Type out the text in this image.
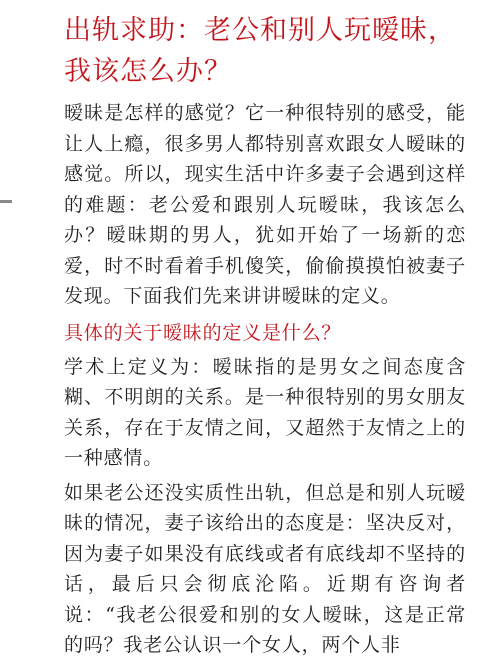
出轨求助：老公和别人玩暧昧，我该怎么办？

暧昧是怎样的感觉？它一种很特别的感受，能让人上瘾，很多男人都特别喜欢跟女人暧昧的感觉。所以，现实生活中许多妻子会遇到这样的难题：老公爱和跟别人玩暧昧，我该怎么办？暧昧期的男人，犹如开始了一场新的恋爱，时不时看着手机傻笑，偷偷摸摸怕被妻子发现。下面我们先来讲讲暧昧的定义。

具体的关于暧昧的定义是什么？

学术上定义为：暧昧指的是男女之间态度含糊、不明朗的关系。是一种很特别的男女朋友关系，存在于友情之间，又超然于友情之上的一种感情。

如果老公还没实质性出轨，但总是和别人玩暧昧的情况，妻子该给出的态度是：坚决反对，因为妻子如果没有底线或者有底线却不坚持的话，最后只会彻底沦陷。近期有咨询者说：“我老公很爱和别的女人暧昧，这是正常的吗？我老公认识一个女人，两个人非
